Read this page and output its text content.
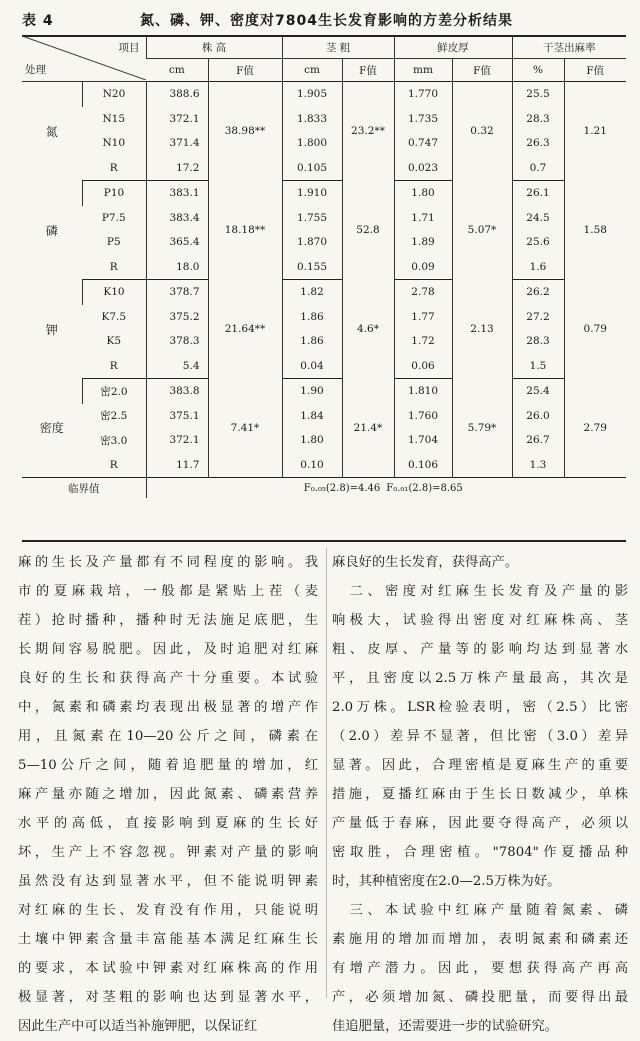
表 4	氮、磷、钾、密度对7804生长发育影响的方差分析结果
项目
处理		株 高		茎 粗		鲜皮厚		干茎出麻率	
		cm	F值	cm	F值	mm	F值	%	F值
氮	N20	388.6	38.98**	1.905	23.2**	1.770	0.32	25.5	1.21
	N15	372.1		1.833		1.735		28.3	
	N10	371.4		1.800		0.747		26.3	
	R	17.2		0.105		0.023		0.7	
磷	P10	383.1	18.18**	1.910	52.8	1.80	5.07*	26.1	1.58
	P7.5	383.4		1.755		1.71		24.5	
	P5	365.4		1.870		1.89		25.6	
	R	18.0		0.155		0.09		1.6	
钾	K10	378.7	21.64**	1.82	4.6*	2.78	2.13	26.2	0.79
	K7.5	375.2		1.86		1.77		27.2	
	K5	378.3		1.86		1.72		28.3	
	R	5.4		0.04		0.06		1.5	
密度	密2.0	383.8	7.41*	1.90	21.4*	1.810	5.79*	25.4	2.79
	密2.5	375.1		1.84		1.760		26.0	
	密3.0	372.1		1.80		1.704		26.7	
	R	11.7		0.10		0.106		1.3	
临界值		F₀.₀₅(2.8)=4.46 F₀.₀₁(2.8)=8.65							

麻的生长及产量都有不同程度的影响。我

市的夏麻栽培，一般都是紧贴上茬（麦

茬）抢时播种，播种时无法施足底肥，生

长期间容易脱肥。因此，及时追肥对红麻

良好的生长和获得高产十分重要。本试验

中，氮素和磷素均表现出极显著的增产作

用，且氮素在10—20公斤之间，磷素在

5—10公斤之间，随着追肥量的增加，红

麻产量亦随之增加，因此氮素、磷素营养

水平的高低，直接影响到夏麻的生长好

坏，生产上不容忽视。钾素对产量的影响

虽然没有达到显著水平，但不能说明钾素

对红麻的生长、发育没有作用，只能说明

土壤中钾素含量丰富能基本满足红麻生长

的要求，本试验中钾素对红麻株高的作用

极显著，对茎粗的影响也达到显著水平，

因此生产中可以适当补施钾肥，以保证红

麻良好的生长发育，获得高产。

　二、密度对红麻生长发育及产量的影

响极大，试验得出密度对红麻株高、茎

粗、皮厚、产量等的影响均达到显著水

平，且密度以2.5万株产量最高，其次是

2.0万株。LSR检验表明，密（2.5）比密

（2.0）差异不显著，但比密（3.0）差异

显著。因此，合理密植是夏麻生产的重要

措施，夏播红麻由于生长日数减少，单株

产量低于春麻，因此要夺得高产，必须以

密取胜，合理密植。"7804"作夏播品种

时，其种植密度在2.0—2.5万株为好。

　三、本试验中红麻产量随着氮素、磷

素施用的增加而增加，表明氮素和磷素还

有增产潜力。因此，要想获得高产再高

产，必须增加氮、磷投肥量，而要得出最

佳追肥量，还需要进一步的试验研究。
